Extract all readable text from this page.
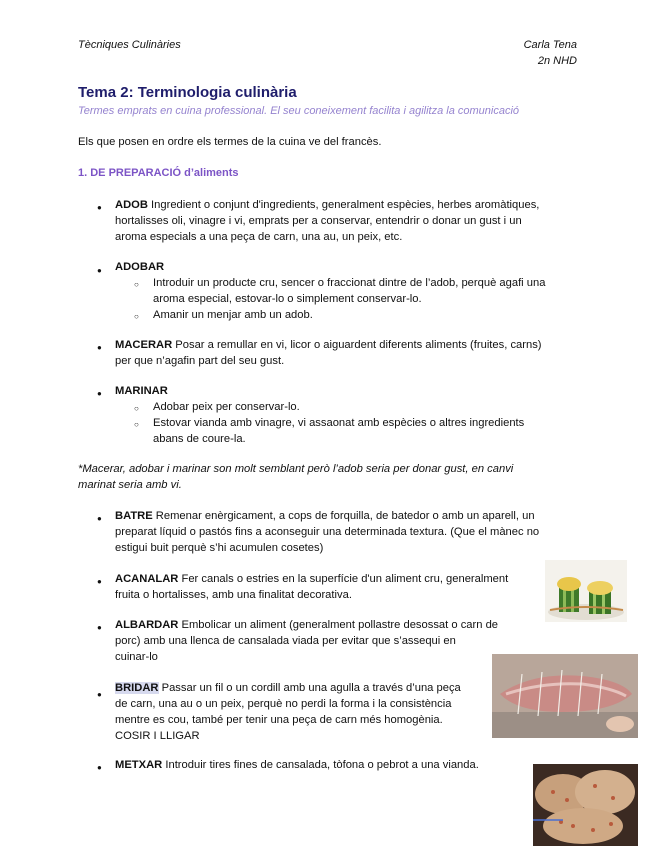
Tècniques Culinàries	Carla Tena
2n NHD
Tema 2: Terminologia culinària
Termes emprats en cuina professional. El seu coneixement facilita i agilitza la comunicació
Els que posen en ordre els termes de la cuina ve del francès.
1. DE PREPARACIÓ d’aliments
●
ADOB Ingredient o conjunt d'ingredients, generalment espècies, herbes aromàtiques,
hortalisses oli, vinagre i vi, emprats per a conservar, entendrir o donar un gust i un
aroma especials a una peça de carn, una au, un peix, etc.
●
ADOBAR
○ Introduir un producte cru, sencer o fraccionat dintre de l’adob, perquè agafi una
aroma especial, estovar-lo o simplement conservar-lo.
○ Amanir un menjar amb un adob.
●
MACERAR Posar a remullar en vi, licor o aiguardent diferents aliments (fruites, carns)
per que n’agafin part del seu gust.
●
MARINAR
○ Adobar peix per conservar-lo.
○ Estovar vianda amb vinagre, vi assaonat amb espècies o altres ingredients
abans de coure-la.
*Macerar, adobar i marinar son molt semblant però l’adob seria per donar gust, en canvi
marinat seria amb vi.
●
BATRE Remenar enèrgicament, a cops de forquilla, de batedor o amb un aparell, un
preparat líquid o pastós fins a aconseguir una determinada textura. (Que el mànec no
estigui buit perquè s’hi acumulen cosetes)
●
ACANALAR Fer canals o estries en la superfície d'un aliment cru, generalment
fruita o hortalisses, amb una finalitat decorativa.
●
ALBARDAR Embolicar un aliment (generalment pollastre desossat o carn de
porc) amb una llenca de cansalada viada per evitar que s’assequi en
cuinar-lo
●
BRIDAR Passar un fil o un cordill amb una agulla a través d’una peça
de carn, una au o un peix, perquè no perdi la forma i la consistència
mentre es cou, també per tenir una peça de carn més homogènia.
COSIR I LLIGAR
●
METXAR Introduir tires fines de cansalada, tòfona o pebrot a una vianda.
